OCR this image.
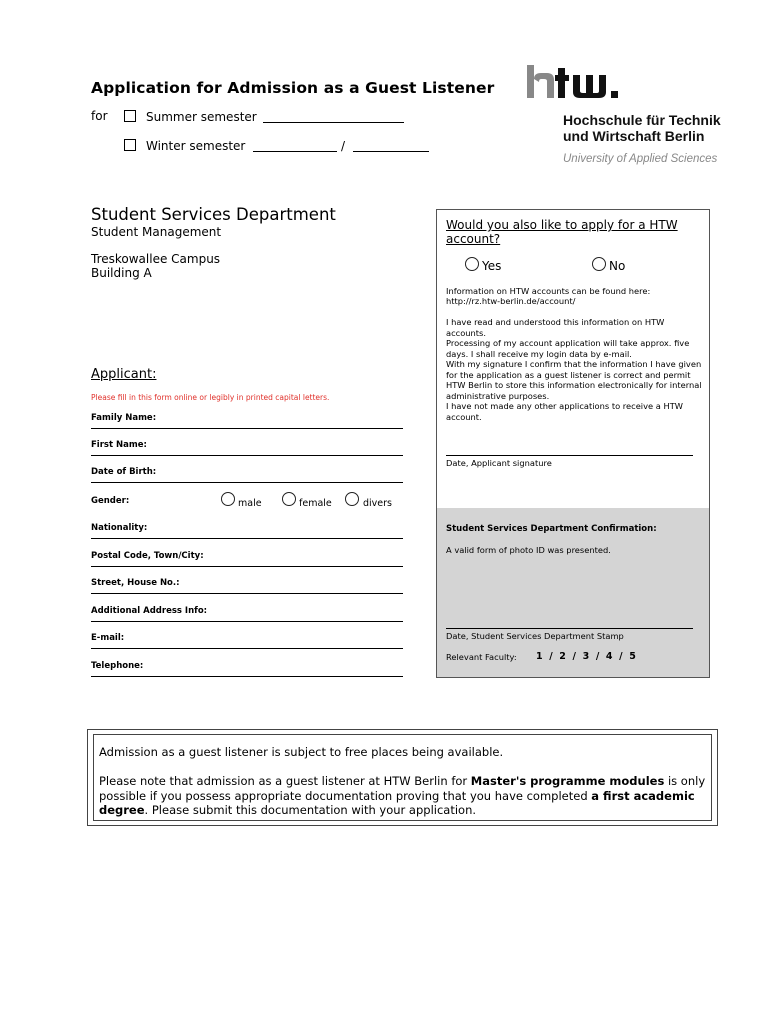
Application for Admission as a Guest Listener
for	Summer semester
Winter semester	/
Hochschule für Technik
und Wirtschaft Berlin
University of Applied Sciences
Student Services Department
Student Management
Treskowallee Campus
Building A
Applicant:
Please fill in this form online or legibly in printed capital letters.
Family Name:
First Name:
Date of Birth:
Gender:	male	female	divers
Nationality:
Postal Code, Town/City:
Street, House No.:
Additional Address Info:
E-mail:
Telephone:
Would you also like to apply for a HTW account?
Yes	No
Information on HTW accounts can be found here:
http://rz.htw-berlin.de/account/
I have read and understood this information on HTW accounts.
Processing of my account application will take approx. five days. I shall receive my login data by e-mail.
With my signature I confirm that the information I have given for the application as a guest listener is correct and permit HTW Berlin to store this information electronically for internal administrative purposes.
I have not made any other applications to receive a HTW account.
Date, Applicant signature
Student Services Department Confirmation:
A valid form of photo ID was presented.
Date, Student Services Department Stamp
Relevant Faculty: 1  /  2  /  3  /  4  /  5
Admission as a guest listener is subject to free places being available.
Please note that admission as a guest listener at HTW Berlin for Master's programme modules is only possible if you possess appropriate documentation proving that you have completed a first academic degree. Please submit this documentation with your application.
